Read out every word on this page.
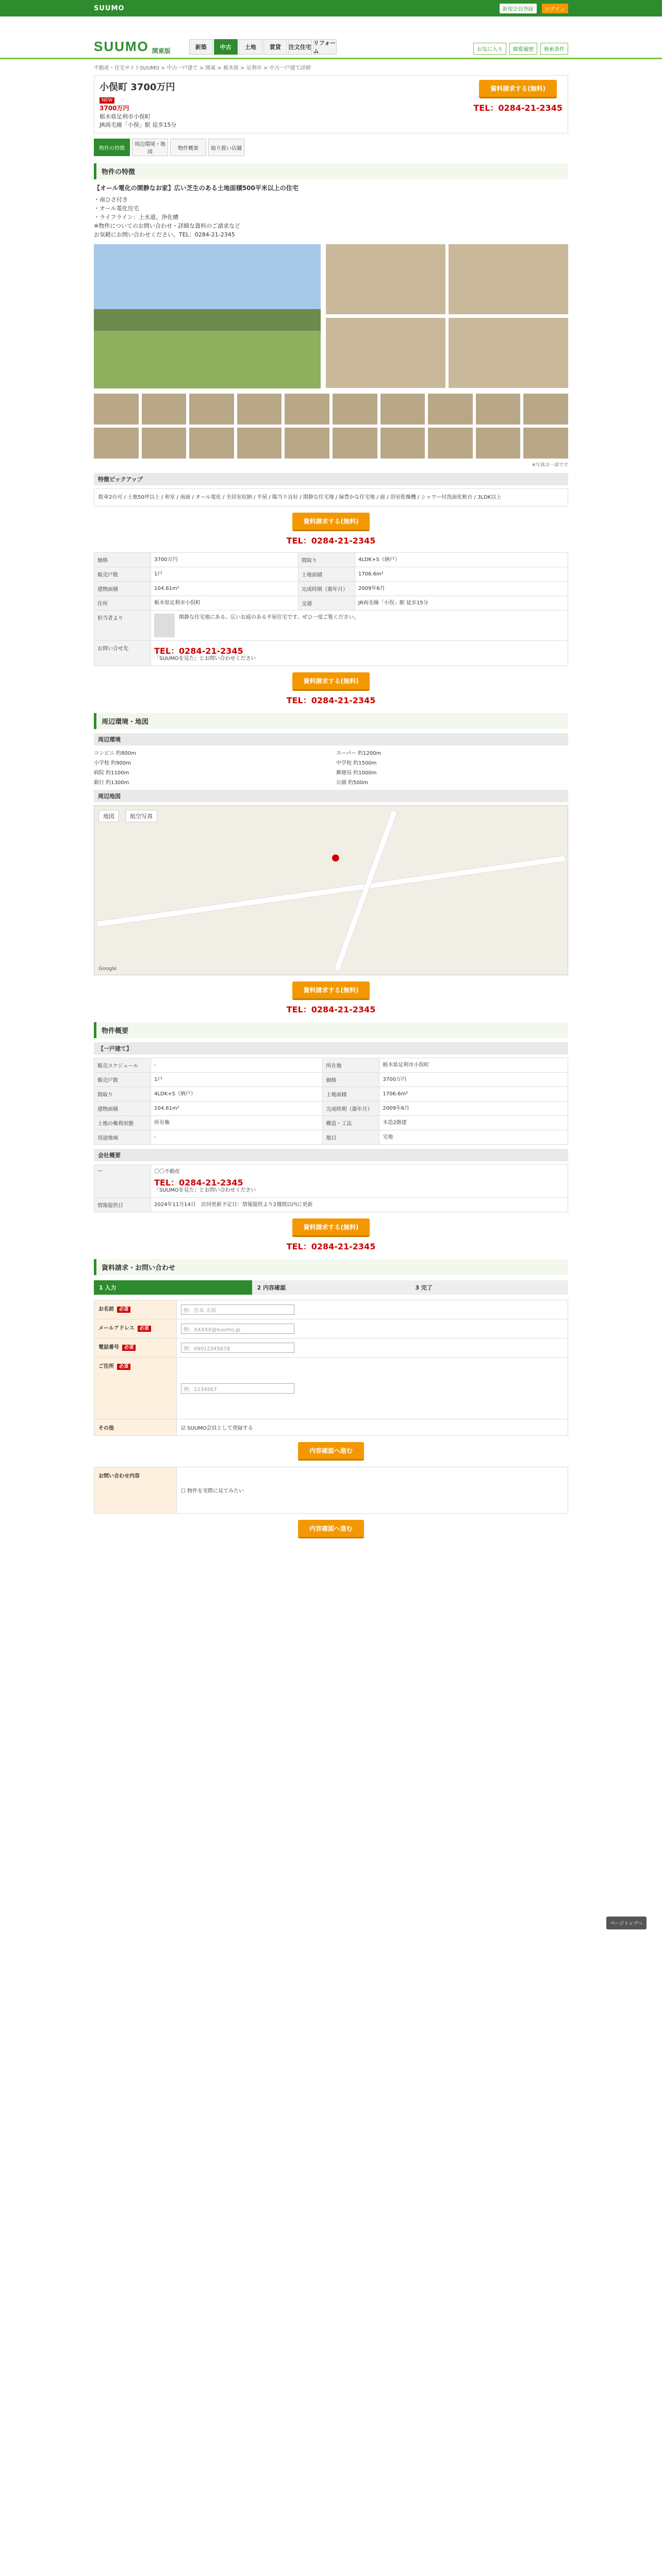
SUUMO	新規会員登録	ログイン
SUUMO 関東版
新築	中古	土地	賃貸	注文住宅
リフォーム	お気に入り	閲覧履歴	検索条件
不動産・住宅サイトSUUMO > 中古一戸建て > 関東 > 栃木県 > 足利市 > 中古一戸建て詳細
小俣町 3700万円
NEW
3700万円
栃木県足利市小俣町
JR両毛線「小俣」駅 徒歩15分
資料請求する(無料)
TEL：0284-21-2345
物件の特徴
周辺環境・地図
物件概要	取り扱い店舗
物件の特徴
【オール電化の閑静なお家】広い芝生のある土地面積500平米以上の住宅
・南ひさ付き
・オール電化住宅
・ライフライン：上水道、浄化槽
※物件についてのお問い合わせ・詳細な資料のご請求など
お気軽にお問い合わせください。TEL：0284-21-2345
※写真は一部です
特徴ピックアップ
駐車2台可 / 土地50坪以上 / 和室 / 南面 / オール電化 / 全居室収納 / 平屋 / 陽当り良好 / 閑静な住宅地 / 緑豊かな住宅地 / 庭 / 浴室乾燥機 / シャワー付洗面化粧台 / 3LDK以上
資料請求する(無料)
TEL：0284-21-2345
価格	3700万円	間取り	4LDK+S（納戸）
販売戸数	1戸	土地面積	1706.6m²
建物面積	104.61m²	完成時期（築年月）	2009年6月
住所	栃木県足利市小俣町	交通	JR両毛線「小俣」駅 徒歩15分
担当者より	閑静な住宅地にある、広いお庭のある平屋住宅です。ぜひ一度ご覧ください。		
お問い合せ先	TEL：0284-21-2345
「SUUMOを見た」とお問い合わせください		
資料請求する(無料)
TEL：0284-21-2345
周辺環境・地図
周辺環境
コンビニ 約800m	スーパー 約1200m
小学校 約900m	中学校 約1500m
病院 約1100m	郵便局 約1000m
銀行 約1300m	公園 約500m
周辺地図
地図	航空写真
●
Google
資料請求する(無料)
TEL：0284-21-2345
物件概要
【一戸建て】
販売スケジュール	-	所在地	栃木県足利市小俣町
販売戸数	1戸	価格	3700万円
間取り	4LDK+S（納戸）	土地面積	1706.6m²
建物面積	104.61m²	完成時期（築年月）	2009年6月
土地の権利形態	所有権	構造・工法	木造2階建
用途地域	-	地目	宅地
会社概要
—	〇〇不動産
TEL：0284-21-2345
「SUUMOを見た」とお問い合わせください

情報提供日	2024年11月14日　 次回更新予定日：情報提供より2週間以内に更新
資料請求する(無料)
TEL：0284-21-2345
資料請求・お問い合わせ
1 入力	2 内容確認	3 完了
お名前 必須	例：住本 太郎
メールアドレス 必須	例：XXXXX@suumo.jp
電話番号 必須	例：09012345678
ご住所 必須	例：1234567
その他	☑ SUUMO会員として登録する
内容確認へ進む
お問い合わせ内容	☐ 物件を実際に見てみたい
内容確認へ進む
ページトップへ
